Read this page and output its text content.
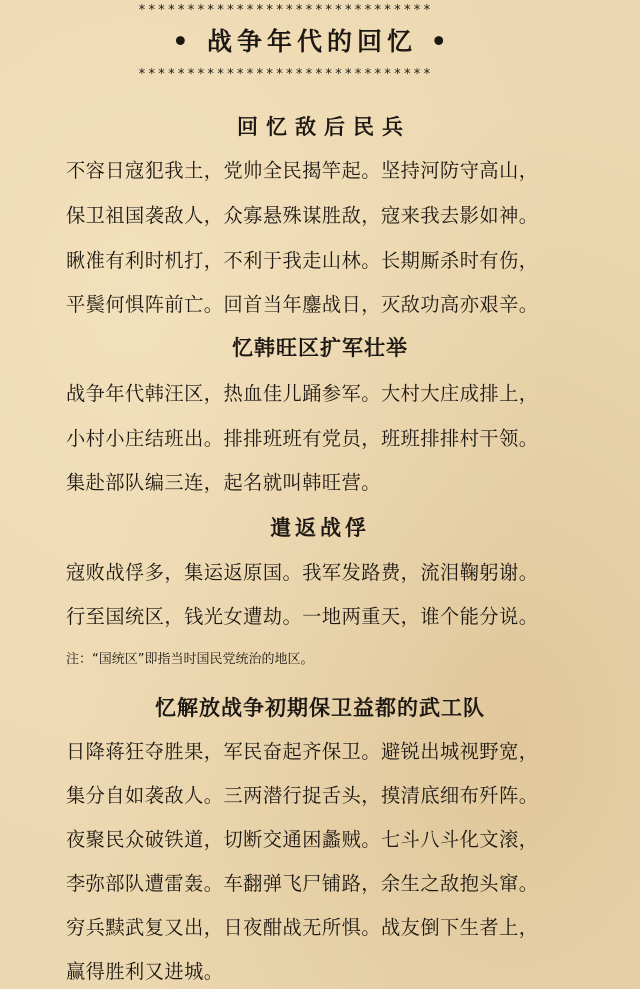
******************************
• 战争年代的回忆 •
******************************
回忆敌后民兵
不容日寇犯我土，党帅全民揭竿起。坚持河防守高山，
保卫祖国袭敌人，众寡悬殊谋胜敌，寇来我去影如神。
瞅准有利时机打，不利于我走山林。长期厮杀时有伤，
平鬓何惧阵前亡。回首当年鏖战日，灭敌功高亦艰辛。
忆韩旺区扩军壮举
战争年代韩汪区，热血佳儿踊参军。大村大庄成排上，
小村小庄结班出。排排班班有党员，班班排排村干领。
集赴部队编三连，起名就叫韩旺营。
遣返战俘
寇败战俘多，集运返原国。我军发路费，流泪鞠躬谢。
行至国统区，钱光女遭劫。一地两重天，谁个能分说。
注：“国统区”即指当时国民党统治的地区。
忆解放战争初期保卫益都的武工队
日降蒋狂夺胜果，军民奋起齐保卫。避锐出城视野宽，
集分自如袭敌人。三两潜行捉舌头，摸清底细布歼阵。
夜聚民众破铁道，切断交通困蠡贼。七斗八斗化文滚，
李弥部队遭雷轰。车翻弹飞尸铺路，余生之敌抱头窜。
穷兵黩武复又出，日夜酣战无所惧。战友倒下生者上，
赢得胜利又进城。
